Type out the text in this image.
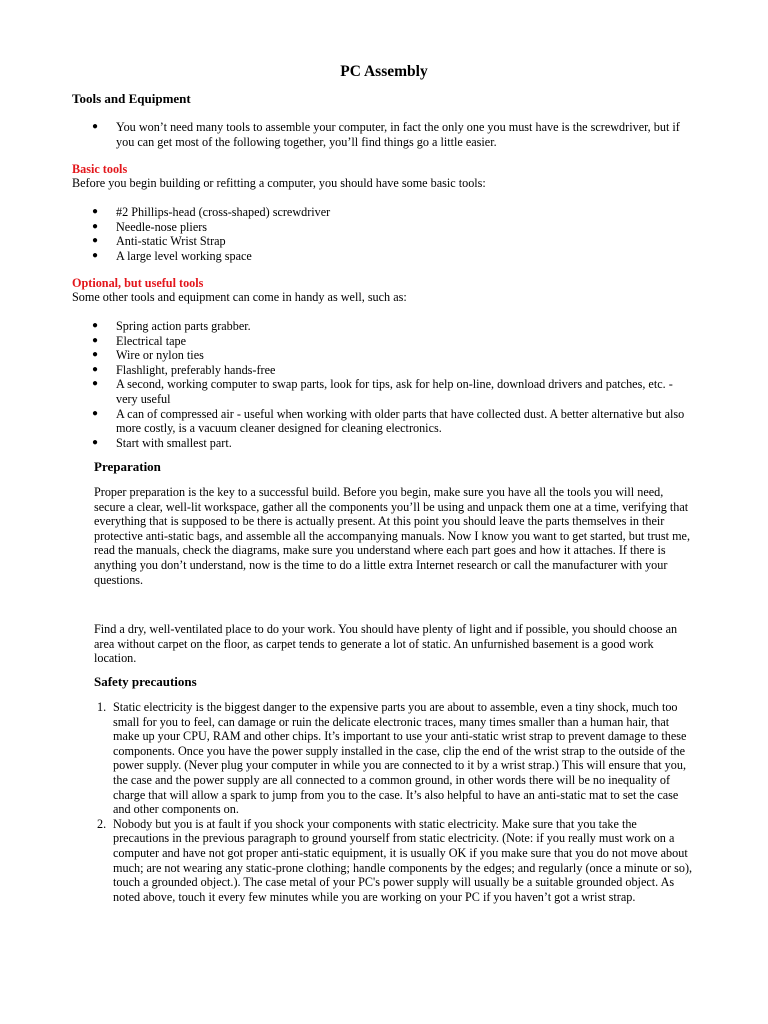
PC Assembly
Tools and Equipment
● You won’t need many tools to assemble your computer, in fact the only one you must have is the screwdriver, but if you can get most of the following together, you’ll find things go a little easier.
Basic tools

Before you begin building or refitting a computer, you should have some basic tools:

● #2 Phillips-head (cross-shaped) screwdriver
● Needle-nose pliers
● Anti-static Wrist Strap
● A large level working space
Optional, but useful tools

Some other tools and equipment can come in handy as well, such as:

● Spring action parts grabber.
● Electrical tape
● Wire or nylon ties
● Flashlight, preferably hands-free
● A second, working computer to swap parts, look for tips, ask for help on-line, download drivers and patches, etc. - very useful
● A can of compressed air - useful when working with older parts that have collected dust. A better alternative but also more costly, is a vacuum cleaner designed for cleaning electronics.
● Start with smallest part.
Preparation

Proper preparation is the key to a successful build. Before you begin, make sure you have all the tools you will need, secure a clear, well-lit workspace, gather all the components you’ll be using and unpack them one at a time, verifying that everything that is supposed to be there is actually present. At this point you should leave the parts themselves in their protective anti-static bags, and assemble all the accompanying manuals. Now I know you want to get started, but trust me, read the manuals, check the diagrams, make sure you understand where each part goes and how it attaches. If there is anything you don’t understand, now is the time to do a little extra Internet research or call the manufacturer with your questions.

Find a dry, well-ventilated place to do your work. You should have plenty of light and if possible, you should choose an area without carpet on the floor, as carpet tends to generate a lot of static. An unfurnished basement is a good work location.

Safety precautions
1. Static electricity is the biggest danger to the expensive parts you are about to assemble, even a tiny shock, much too small for you to feel, can damage or ruin the delicate electronic traces, many times smaller than a human hair, that make up your CPU, RAM and other chips. It’s important to use your anti-static wrist strap to prevent damage to these components. Once you have the power supply installed in the case, clip the end of the wrist strap to the outside of the power supply. (Never plug your computer in while you are connected to it by a wrist strap.) This will ensure that you, the case and the power supply are all connected to a common ground, in other words there will be no inequality of charge that will allow a spark to jump from you to the case. It’s also helpful to have an anti-static mat to set the case and other components on.
2. Nobody but you is at fault if you shock your components with static electricity. Make sure that you take the precautions in the previous paragraph to ground yourself from static electricity. (Note: if you really must work on a computer and have not got proper anti-static equipment, it is usually OK if you make sure that you do not move about much; are not wearing any static-prone clothing; handle components by the edges; and regularly (once a minute or so), touch a grounded object.). The case metal of your PC's power supply will usually be a suitable grounded object. As noted above, touch it every few minutes while you are working on your PC if you haven’t got a wrist strap.
